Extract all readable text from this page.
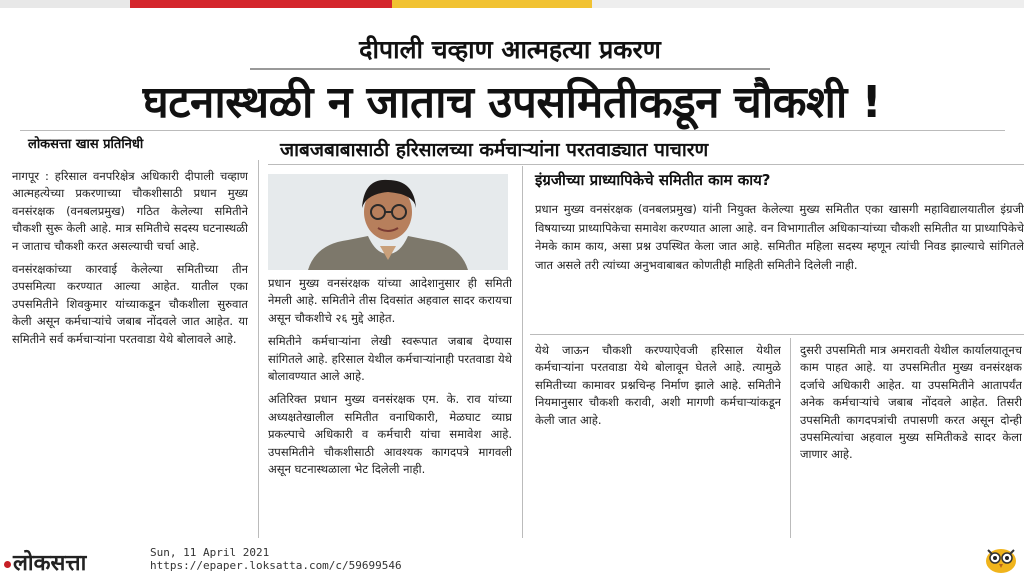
दीपाली चव्हाण आत्महत्या प्रकरण
घटनास्थळी न जाताच उपसमितीकडून चौकशी !
लोकसत्ता खास प्रतिनिधी	जाबजबाबासाठी हरिसालच्या कर्मचाऱ्यांना परतवाड्यात पाचारण

नागपूर : हरिसाल वनपरिक्षेत्र अधिकारी दीपाली चव्हाण आत्महत्येच्या प्रकरणाच्या चौकशीसाठी प्रधान मुख्य वनसंरक्षक (वनबलप्रमुख) गठित केलेल्या समितीने चौकशी सुरू केली आहे. मात्र समितीचे सदस्य घटनास्थळी न जाताच चौकशी करत असल्याची चर्चा आहे.

वनसंरक्षकांच्या कारवाई केलेल्या समितीच्या तीन उपसमित्या करण्यात आल्या आहेत. यातील एका उपसमितीने शिवकुमार यांच्याकडून चौकशीला सुरुवात केली असून कर्मचाऱ्यांचे जबाब नोंदवले जात आहेत. या समितीने सर्व कर्मचाऱ्यांना परतवाडा येथे बोलावले आहे.

प्रधान मुख्य वनसंरक्षक यांच्या आदेशानुसार ही समिती नेमली आहे. समितीने तीस दिवसांत अहवाल सादर करायचा असून चौकशीचे २६ मुद्दे आहेत.

समितीने कर्मचाऱ्यांना लेखी स्वरूपात जबाब देण्यास सांगितले आहे. हरिसाल येथील कर्मचाऱ्यांनाही परतवाडा येथे बोलावण्यात आले आहे.

अतिरिक्त प्रधान मुख्य वनसंरक्षक एम. के. राव यांच्या अध्यक्षतेखालील समितीत वनाधिकारी, मेळघाट व्याघ्र प्रकल्पाचे अधिकारी व कर्मचारी यांचा समावेश आहे. उपसमितीने चौकशीसाठी आवश्यक कागदपत्रे मागवली असून घटनास्थळाला भेट दिलेली नाही.

इंग्रजीच्या प्राध्यापिकेचे समितीत काम काय?
प्रधान मुख्य वनसंरक्षक (वनबलप्रमुख) यांनी नियुक्त केलेल्या मुख्य समितीत एका खासगी महाविद्यालयातील इंग्रजी विषयाच्या प्राध्यापिकेचा समावेश करण्यात आला आहे. वन विभागातील अधिकाऱ्यांच्या चौकशी समितीत या प्राध्यापिकेचे नेमके काम काय, असा प्रश्न उपस्थित केला जात आहे. समितीत महिला सदस्य म्हणून त्यांची निवड झाल्याचे सांगितले जात असले तरी त्यांच्या अनुभवाबाबत कोणतीही माहिती समितीने दिलेली नाही.

येथे जाऊन चौकशी करण्याऐवजी हरिसाल येथील कर्मचाऱ्यांना परतवाडा येथे बोलावून घेतले आहे. त्यामुळे समितीच्या कामावर प्रश्नचिन्ह निर्माण झाले आहे. समितीने नियमानुसार चौकशी करावी, अशी मागणी कर्मचाऱ्यांकडून केली जात आहे.

दुसरी उपसमिती मात्र अमरावती येथील कार्यालयातूनच काम पाहत आहे. या उपसमितीत मुख्य वनसंरक्षक दर्जाचे अधिकारी आहेत. या उपसमितीने आतापर्यंत अनेक कर्मचाऱ्यांचे जबाब नोंदवले आहेत. तिसरी उपसमिती कागदपत्रांची तपासणी करत असून दोन्ही उपसमित्यांचा अहवाल मुख्य समितीकडे सादर केला जाणार आहे.

लोकसत्ता	Sun, 11 April 2021
https://epaper.loksatta.com/c/59699546
